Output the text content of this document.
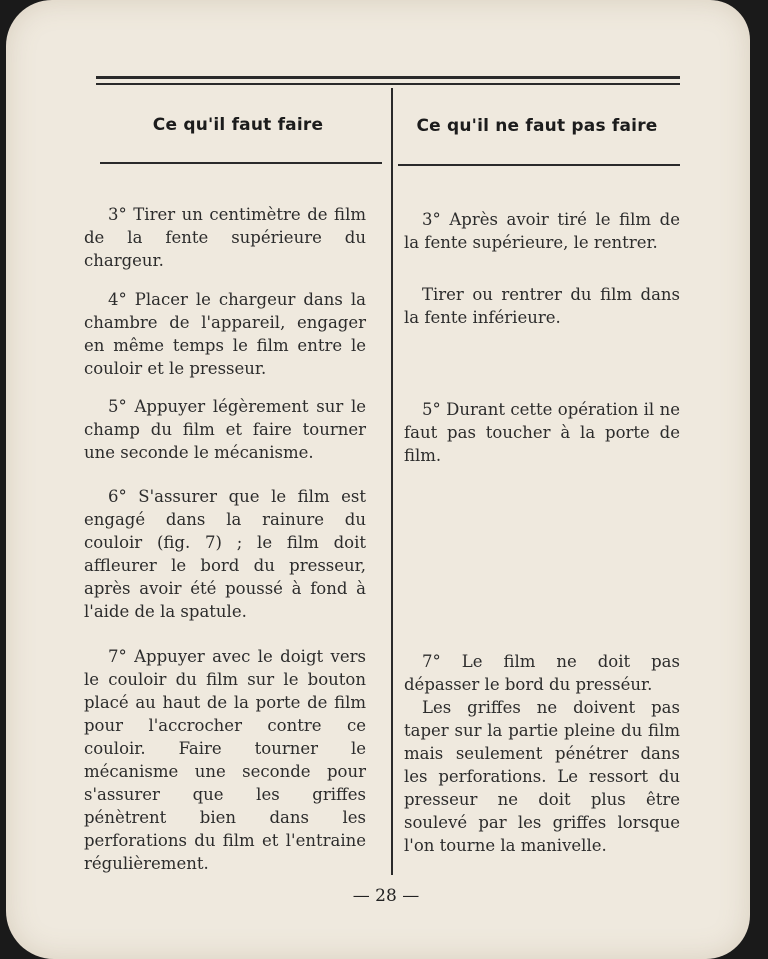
Ce qu'il faut faire	Ce qu'il ne faut pas faire

3° Tirer un centimètre de film de la fente supérieure du chargeur.

4° Placer le chargeur dans la chambre de l'appareil, engager en même temps le film entre le couloir et le presseur.

5° Appuyer légèrement sur le champ du film et faire tourner une seconde le mécanisme.

6° S'assurer que le film est engagé dans la rainure du couloir (fig. 7) ; le film doit affleurer le bord du presseur, après avoir été poussé à fond à l'aide de la spatule.

7° Appuyer avec le doigt vers le couloir du film sur le bouton placé au haut de la porte de film pour l'accrocher contre ce couloir. Faire tourner le mécanisme une seconde pour s'assurer que les griffes pénètrent bien dans les perforations du film et l'entraine régulièrement.

3° Après avoir tiré le film de la fente supérieure, le rentrer.

Tirer ou rentrer du film dans la fente inférieure.

5° Durant cette opération il ne faut pas toucher à la porte de film.

7° Le film ne doit pas dépasser le bord du presséur.

Les griffes ne doivent pas taper sur la partie pleine du film mais seulement pénétrer dans les perforations. Le ressort du presseur ne doit plus être soulevé par les griffes lorsque l'on tourne la manivelle.

— 28 —
